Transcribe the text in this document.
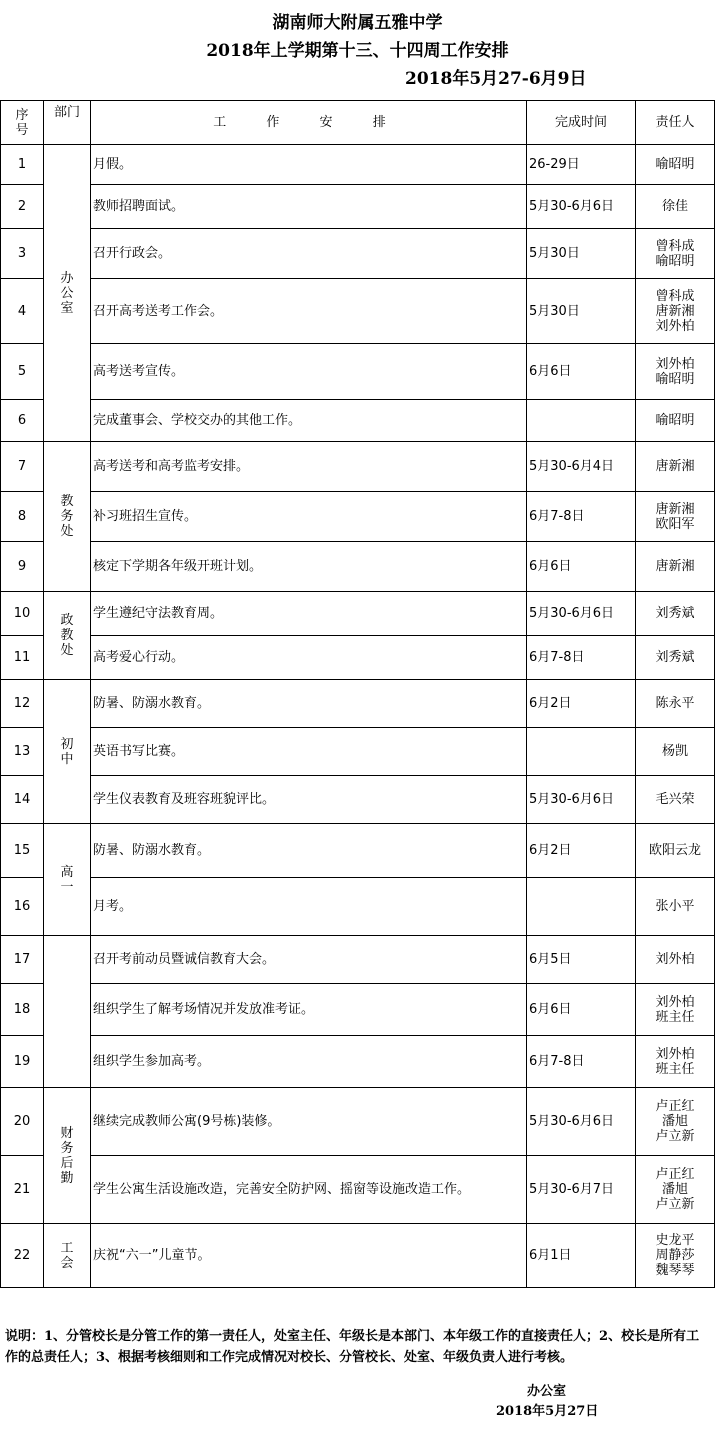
湖南师大附属五雅中学
2018年上学期第十三、十四周工作安排
2018年5月27-6月9日
序号	部门	工 作 安 排	完成时间	责任人
1	办公室	月假。	26-29日	喻昭明
2		教师招聘面试。	5月30-6月6日	徐佳
3		召开行政会。	5月30日	曾科成
喻昭明
4		召开高考送考工作会。	5月30日	曾科成
唐新湘
刘外柏
5		高考送考宣传。	6月6日	刘外柏
喻昭明
6		完成董事会、学校交办的其他工作。		喻昭明
7	教务处	高考送考和高考监考安排。	5月30-6月4日	唐新湘
8		补习班招生宣传。	6月7-8日	唐新湘
欧阳军
9		核定下学期各年级开班计划。	6月6日	唐新湘
10	政教处	学生遵纪守法教育周。	5月30-6月6日	刘秀斌
11		高考爱心行动。	6月7-8日	刘秀斌
12	初中	防暑、防溺水教育。	6月2日	陈永平
13		英语书写比赛。		杨凯
14		学生仪表教育及班容班貌评比。	5月30-6月6日	毛兴荣
15	高一	防暑、防溺水教育。	6月2日	欧阳云龙
16		月考。		张小平
17		召开考前动员暨诚信教育大会。	6月5日	刘外柏
18		组织学生了解考场情况并发放准考证。	6月6日	刘外柏
班主任
19		组织学生参加高考。	6月7-8日	刘外柏
班主任
20	财务后勤	继续完成教师公寓(9号栋)装修。	5月30-6月6日	卢正红
潘旭
卢立新
21		学生公寓生活设施改造，完善安全防护网、摇窗等设施改造工作。	5月30-6月7日	卢正红
潘旭
卢立新
22	工会	庆祝“六一”儿童节。	6月1日	史龙平
周静莎
魏琴琴
说明：1、分管校长是分管工作的第一责任人，处室主任、年级长是本部门、本年级工作的直接责任人；2、校长是所有工作的总责任人；3、根据考核细则和工作完成情况对校长、分管校长、处室、年级负责人进行考核。
办公室
2018年5月27日
